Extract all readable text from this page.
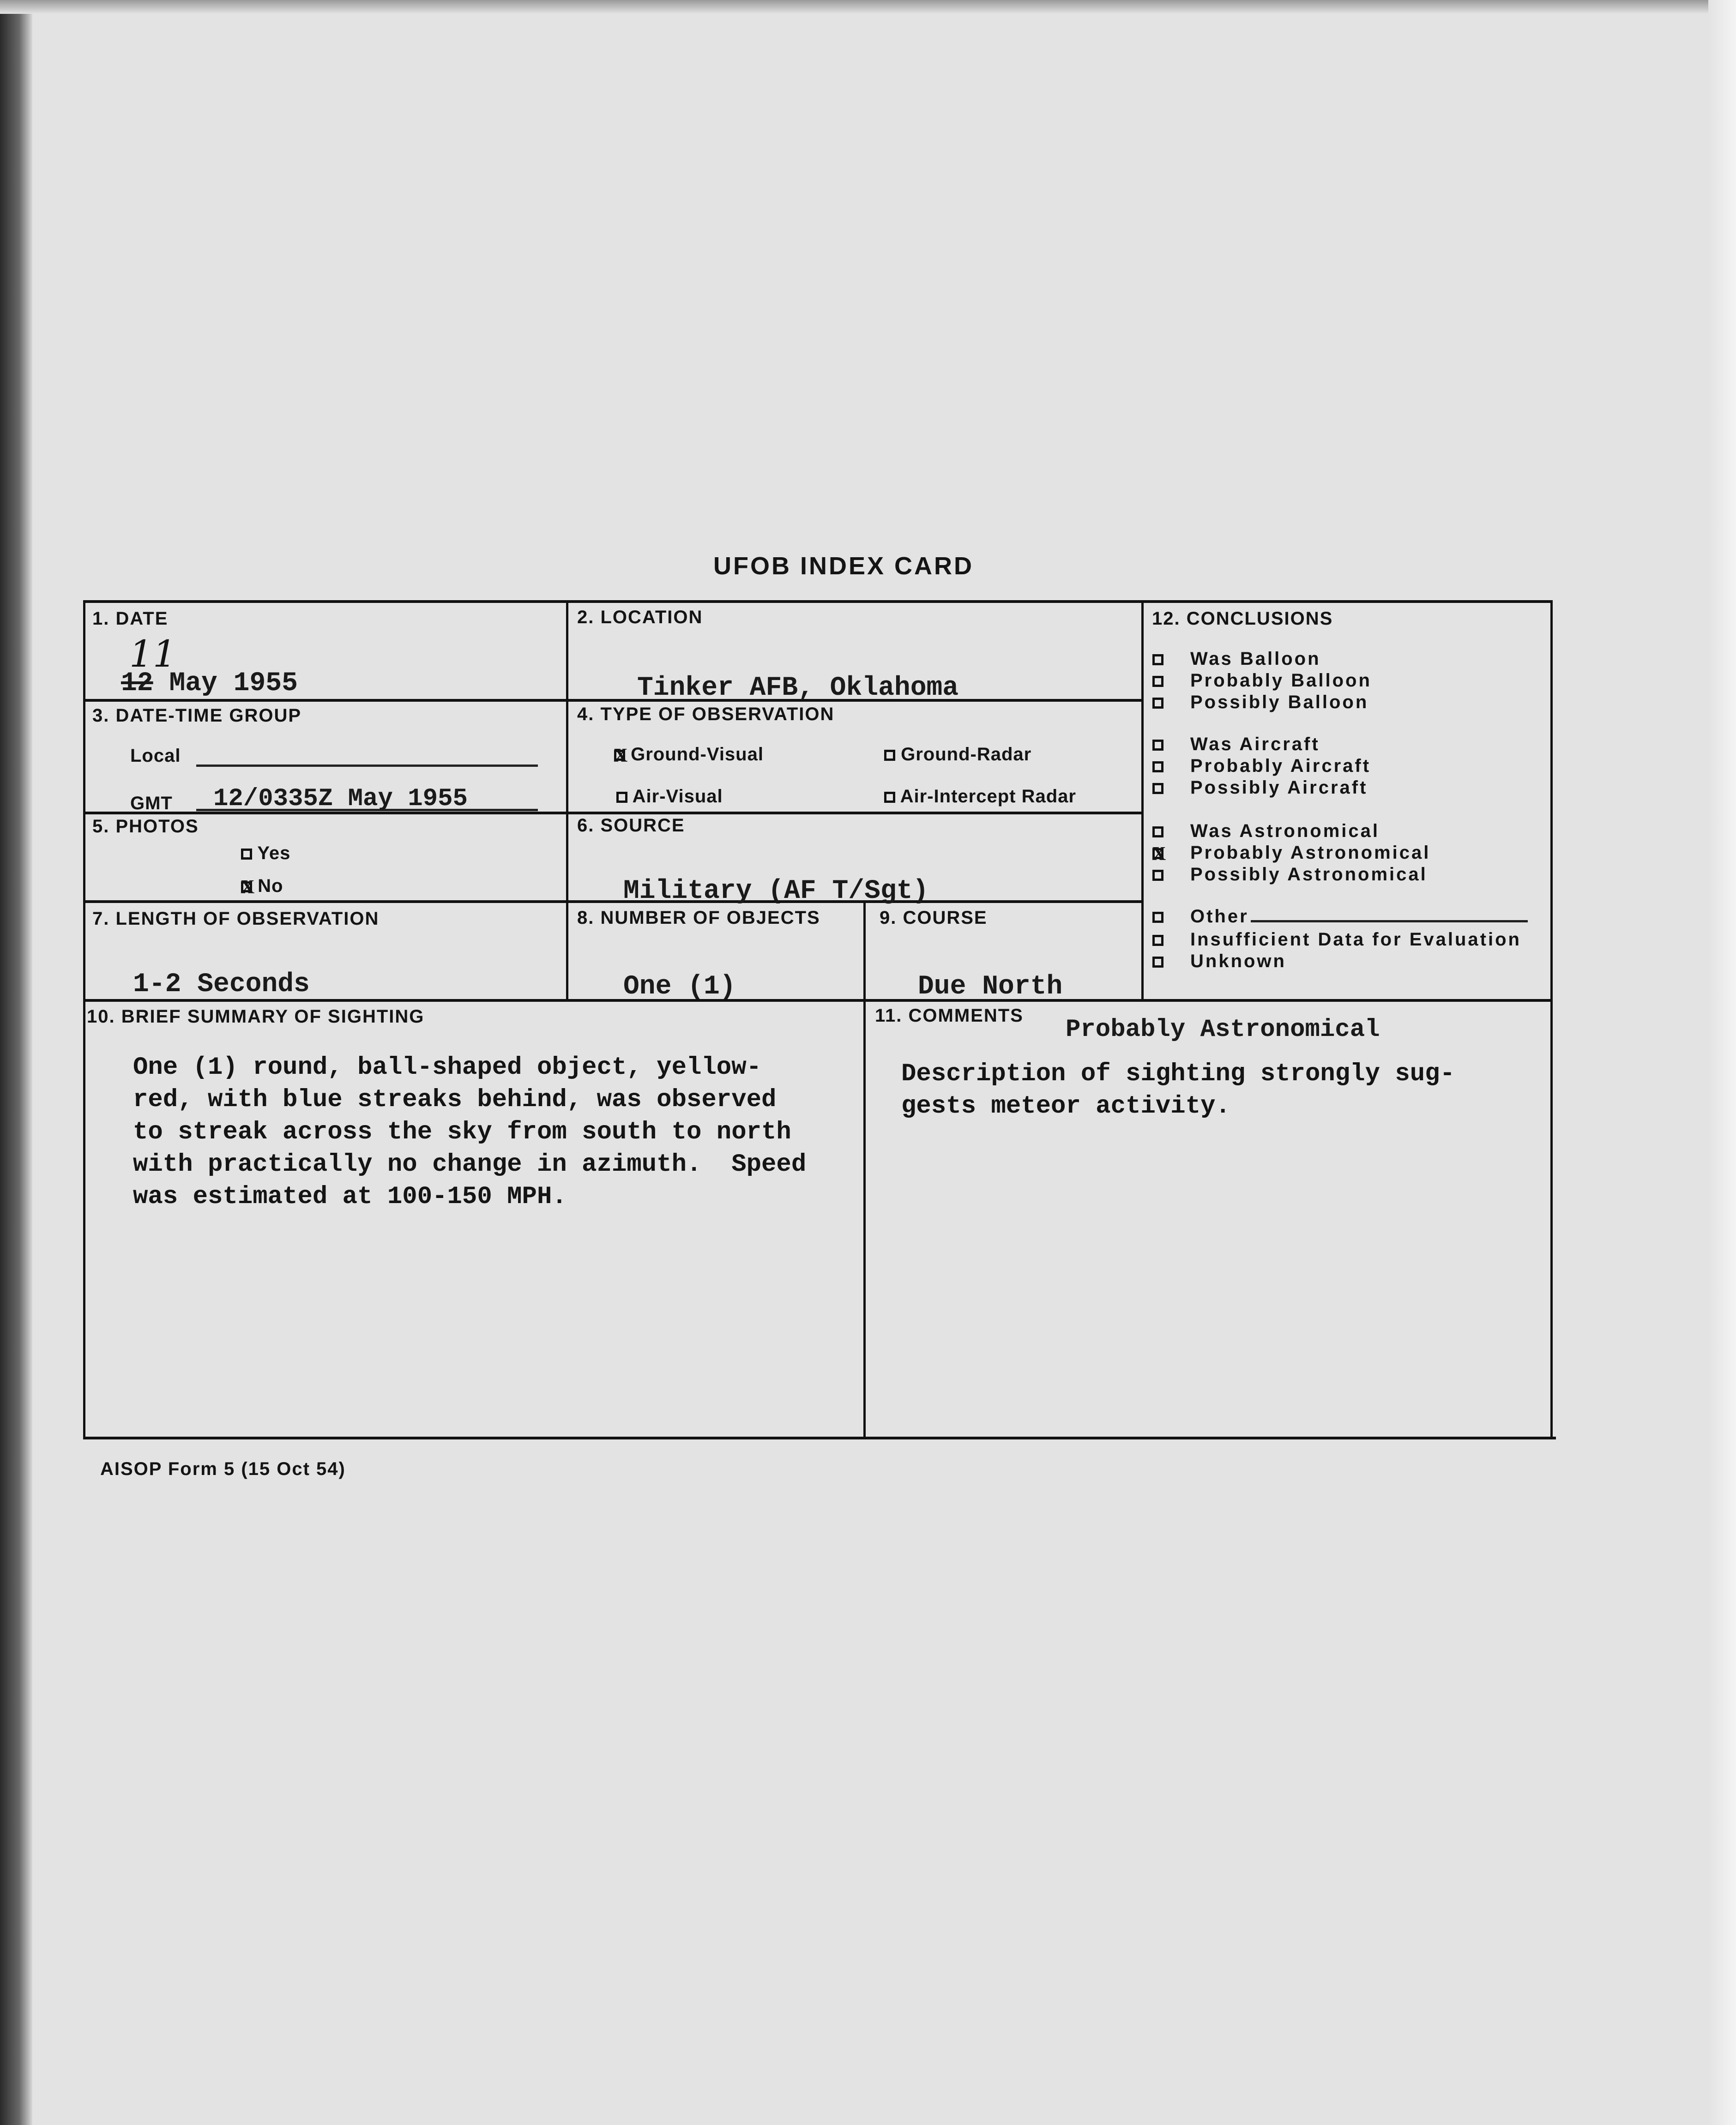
UFOB INDEX CARD
1. DATE
11
12 May 1955
2. LOCATION
Tinker AFB, Oklahoma
3. DATE-TIME GROUP
Local
GMT 12/0335Z May 1955
4. TYPE OF OBSERVATION
X Ground-Visual	Ground-Radar
Air-Visual	Air-Intercept Radar
5. PHOTOS
Yes
X No
6. SOURCE
Military (AF T/Sgt)
7. LENGTH OF OBSERVATION
1-2 Seconds
8. NUMBER OF OBJECTS
One (1)
9. COURSE
Due North
10. BRIEF SUMMARY OF SIGHTING
One (1) round, ball-shaped object, yellow-
red, with blue streaks behind, was observed
to streak across the sky from south to north
with practically no change in azimuth.  Speed
was estimated at 100-150 MPH.
11. COMMENTS Probably Astronomical
Description of sighting strongly sug-
gests meteor activity.
12. CONCLUSIONS
Was Balloon
Probably Balloon
Possibly Balloon
Was Aircraft
Probably Aircraft
Possibly Aircraft
Was Astronomical
XProbably Astronomical
Possibly Astronomical
Other
Insufficient Data for Evaluation
Unknown
AISOP Form 5 (15 Oct 54)
